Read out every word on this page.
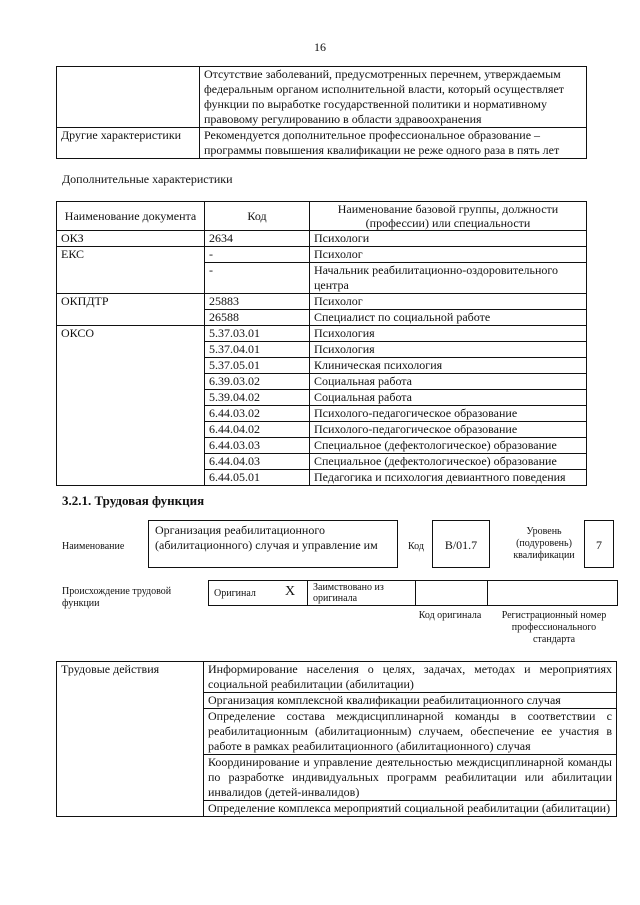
16
	Отсутствие заболеваний, предусмотренных перечнем, утверждаемым федеральным органом исполнительной власти, который осуществляет функции по выработке государственной политики и нормативному правовому регулированию в области здравоохранения
Другие характеристики	Рекомендуется дополнительное профессиональное образование – программы повышения квалификации не реже одного раза в пять лет
Дополнительные характеристики
Наименование документа	Код	Наименование базовой группы, должности (профессии) или специальности
ОКЗ	2634	Психологи
ЕКС	-	Психолог
	-	Начальник реабилитационно-оздоровительного центра
ОКПДТР	25883	Психолог
	26588	Специалист по социальной работе
ОКСО	5.37.03.01	Психология
	5.37.04.01	Психология
	5.37.05.01	Клиническая психология
	6.39.03.02	Социальная работа
	5.39.04.02	Социальная работа
	6.44.03.02	Психолого-педагогическое образование
	6.44.04.02	Психолого-педагогическое образование
	6.44.03.03	Специальное (дефектологическое) образование
	6.44.04.03	Специальное (дефектологическое) образование
	6.44.05.01	Педагогика и психология девиантного поведения
3.2.1. Трудовая функция
Наименование
Организация реабилитационного (абилитационного) случая и управление им	Код	B/01.7
Уровень (подуровень) квалификации
7
Происхождение трудовой функции
Оригинал X Заимствовано из оригинала
Код оригинала	Регистрационный номер профессионального стандарта
Трудовые действия	Информирование населения о целях, задачах, методах и мероприятиях социальной реабилитации (абилитации)
Организация комплексной квалификации реабилитационного случая
Определение состава междисциплинарной команды в соответствии с реабилитационным (абилитационным) случаем, обеспечение ее участия в работе в рамках реабилитационного (абилитационного) случая
Координирование и управление деятельностью междисциплинарной команды по разработке индивидуальных программ реабилитации или абилитации инвалидов (детей-инвалидов)
Определение комплекса мероприятий социальной реабилитации (абилитации)
